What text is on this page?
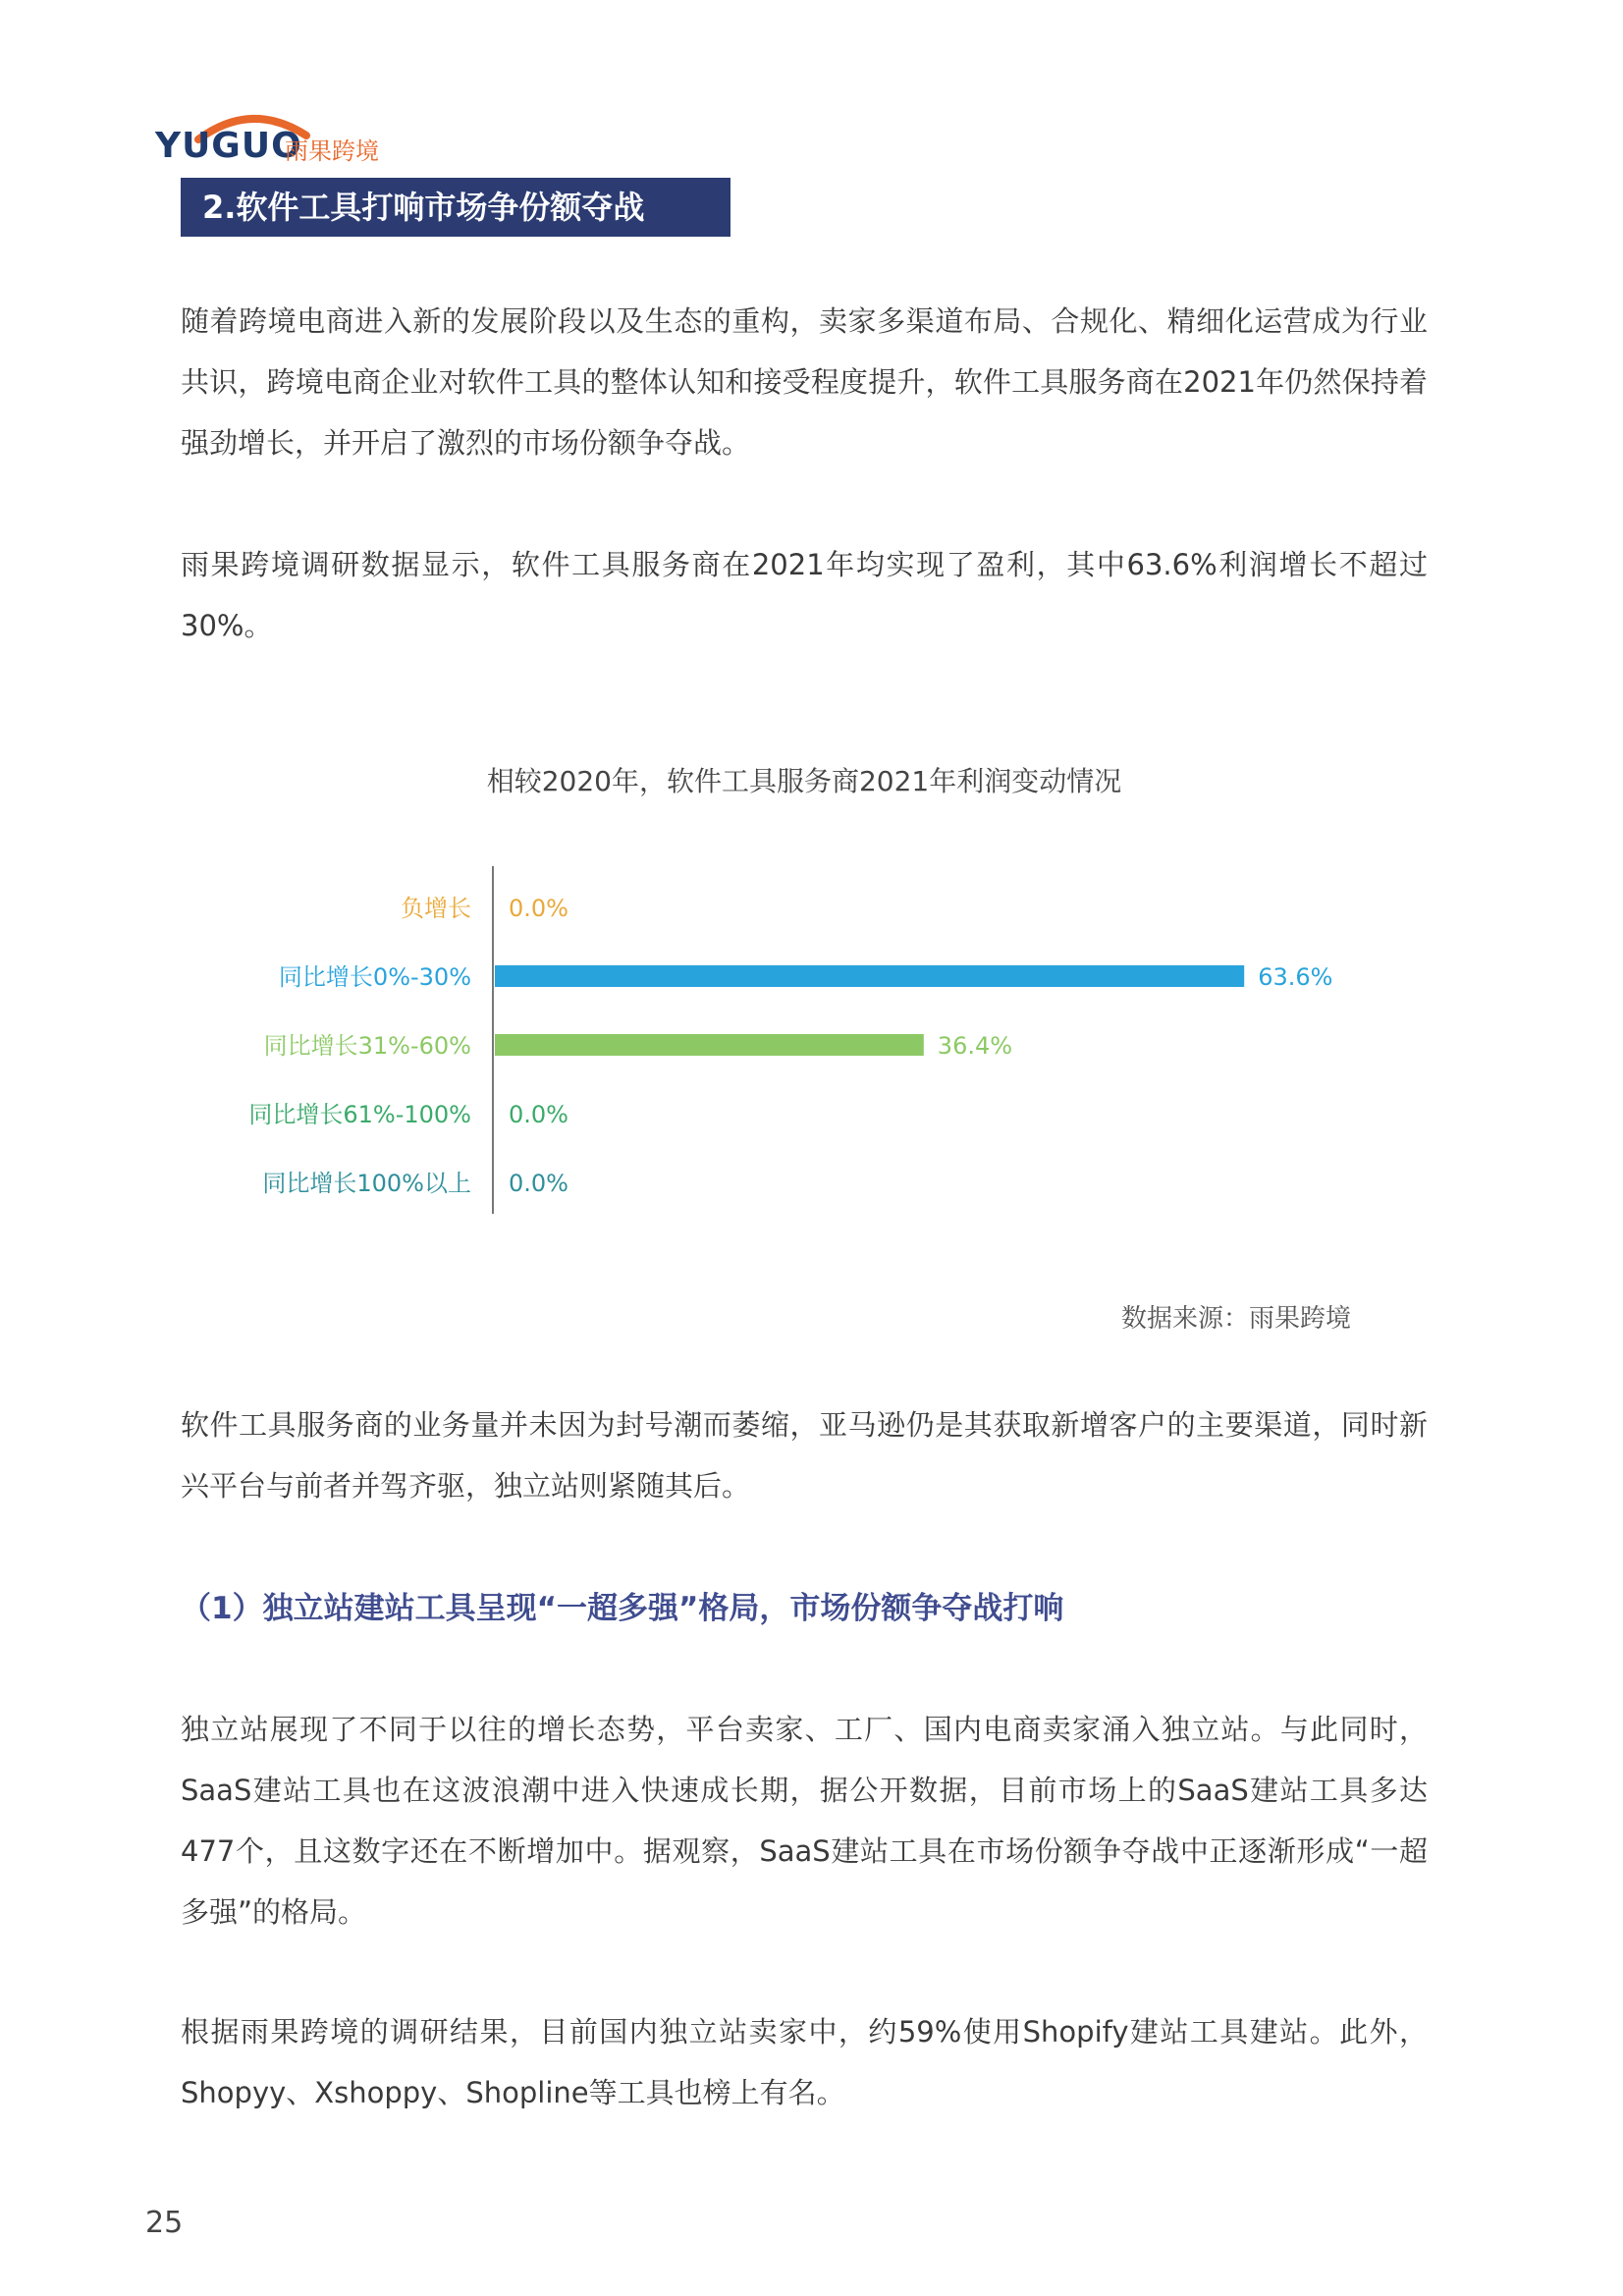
YUGUO
雨果跨境
2.软件工具打响市场争份额夺战

随着跨境电商进入新的发展阶段以及生态的重构，卖家多渠道布局、合规化、精细化运营成为行业共识，跨境电商企业对软件工具的整体认知和接受程度提升，软件工具服务商在2021年仍然保持着强劲增长，并开启了激烈的市场份额争夺战。

雨果跨境调研数据显示，软件工具服务商在2021年均实现了盈利，其中63.6%利润增长不超过30%。

相较2020年，软件工具服务商2021年利润变动情况
负增长 0.0%
同比增长0%-30%	63.6%
同比增长31%-60%	36.4%
同比增长61%-100% 0.0%
同比增长100%以上 0.0%
数据来源：雨果跨境

软件工具服务商的业务量并未因为封号潮而萎缩，亚马逊仍是其获取新增客户的主要渠道，同时新兴平台与前者并驾齐驱，独立站则紧随其后。

（1）独立站建站工具呈现“一超多强”格局，市场份额争夺战打响

独立站展现了不同于以往的增长态势，平台卖家、工厂、国内电商卖家涌入独立站。与此同时，SaaS建站工具也在这波浪潮中进入快速成长期，据公开数据，目前市场上的SaaS建站工具多达477个，且这数字还在不断增加中。据观察，SaaS建站工具在市场份额争夺战中正逐渐形成“一超多强”的格局。

根据雨果跨境的调研结果，目前国内独立站卖家中，约59%使用Shopify建站工具建站。此外，Shopyy、Xshoppy、Shopline等工具也榜上有名。

25
